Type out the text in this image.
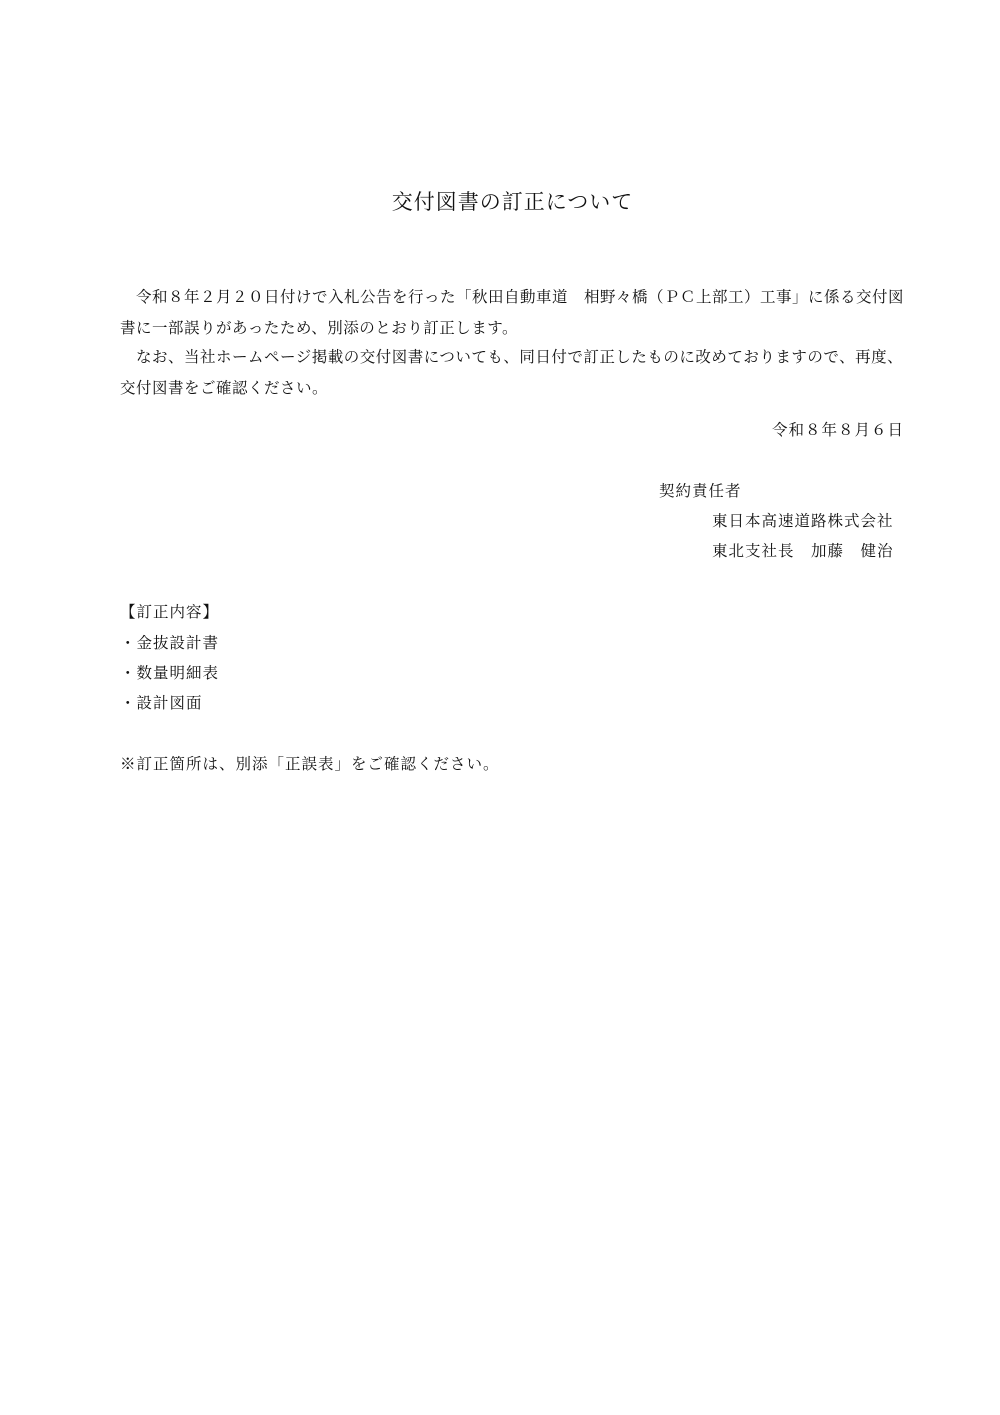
交付図書の訂正について

令和８年２月２０日付けで入札公告を行った「秋田自動車道　相野々橋（ＰＣ上部工）工事」に係る交付図書に一部誤りがあったため、別添のとおり訂正します。

なお、当社ホームページ掲載の交付図書についても、同日付で訂正したものに改めておりますので、再度、交付図書をご確認ください。

令和８年８月６日
契約責任者
東日本高速道路株式会社
東北支社長　加藤　健治
【訂正内容】
・金抜設計書
・数量明細表
・設計図面
※訂正箇所は、別添「正誤表」をご確認ください。
